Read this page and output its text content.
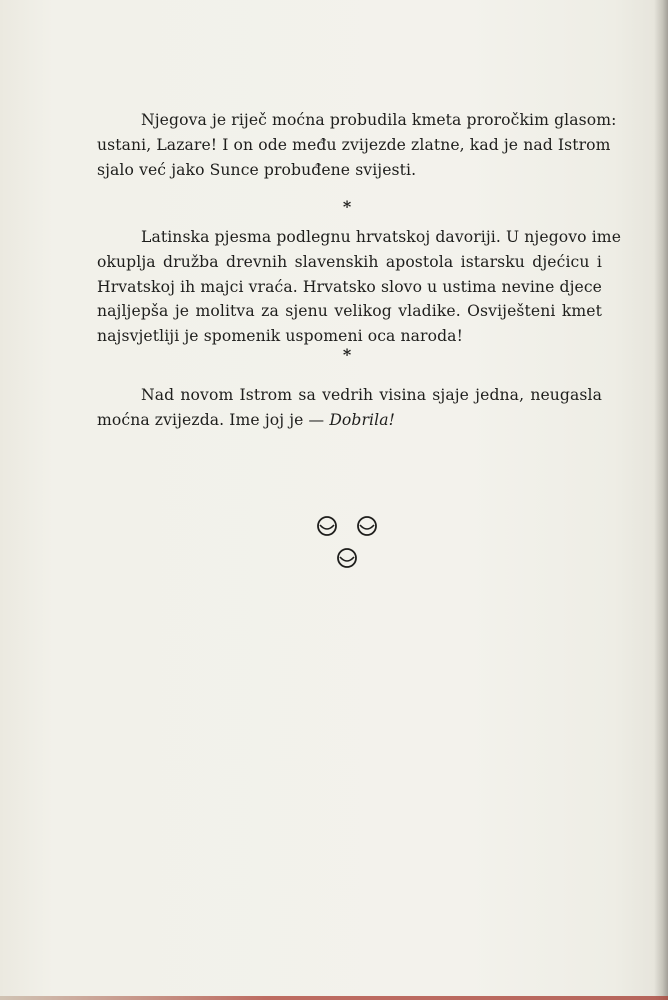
Njegova je riječ moćna probudila kmeta proročkim glasom:
ustani, Lazare! I on ode među zvijezde zlatne, kad je nad Istrom
sjalo već jako Sunce probuđene svijesti.
*
Latinska pjesma podlegnu hrvatskoj davoriji. U njegovo ime
okuplja družba drevnih slavenskih apostola istarsku djećicu i
Hrvatskoj ih majci vraća. Hrvatsko slovo u ustima nevine djece
najljepša je molitva za sjenu velikog vladike. Osviješteni kmet
najsvjetliji je spomenik uspomeni oca naroda!
*
Nad novom Istrom sa vedrih visina sjaje jedna, neugasla
moćna zvijezda. Ime joj je — Dobrila!
